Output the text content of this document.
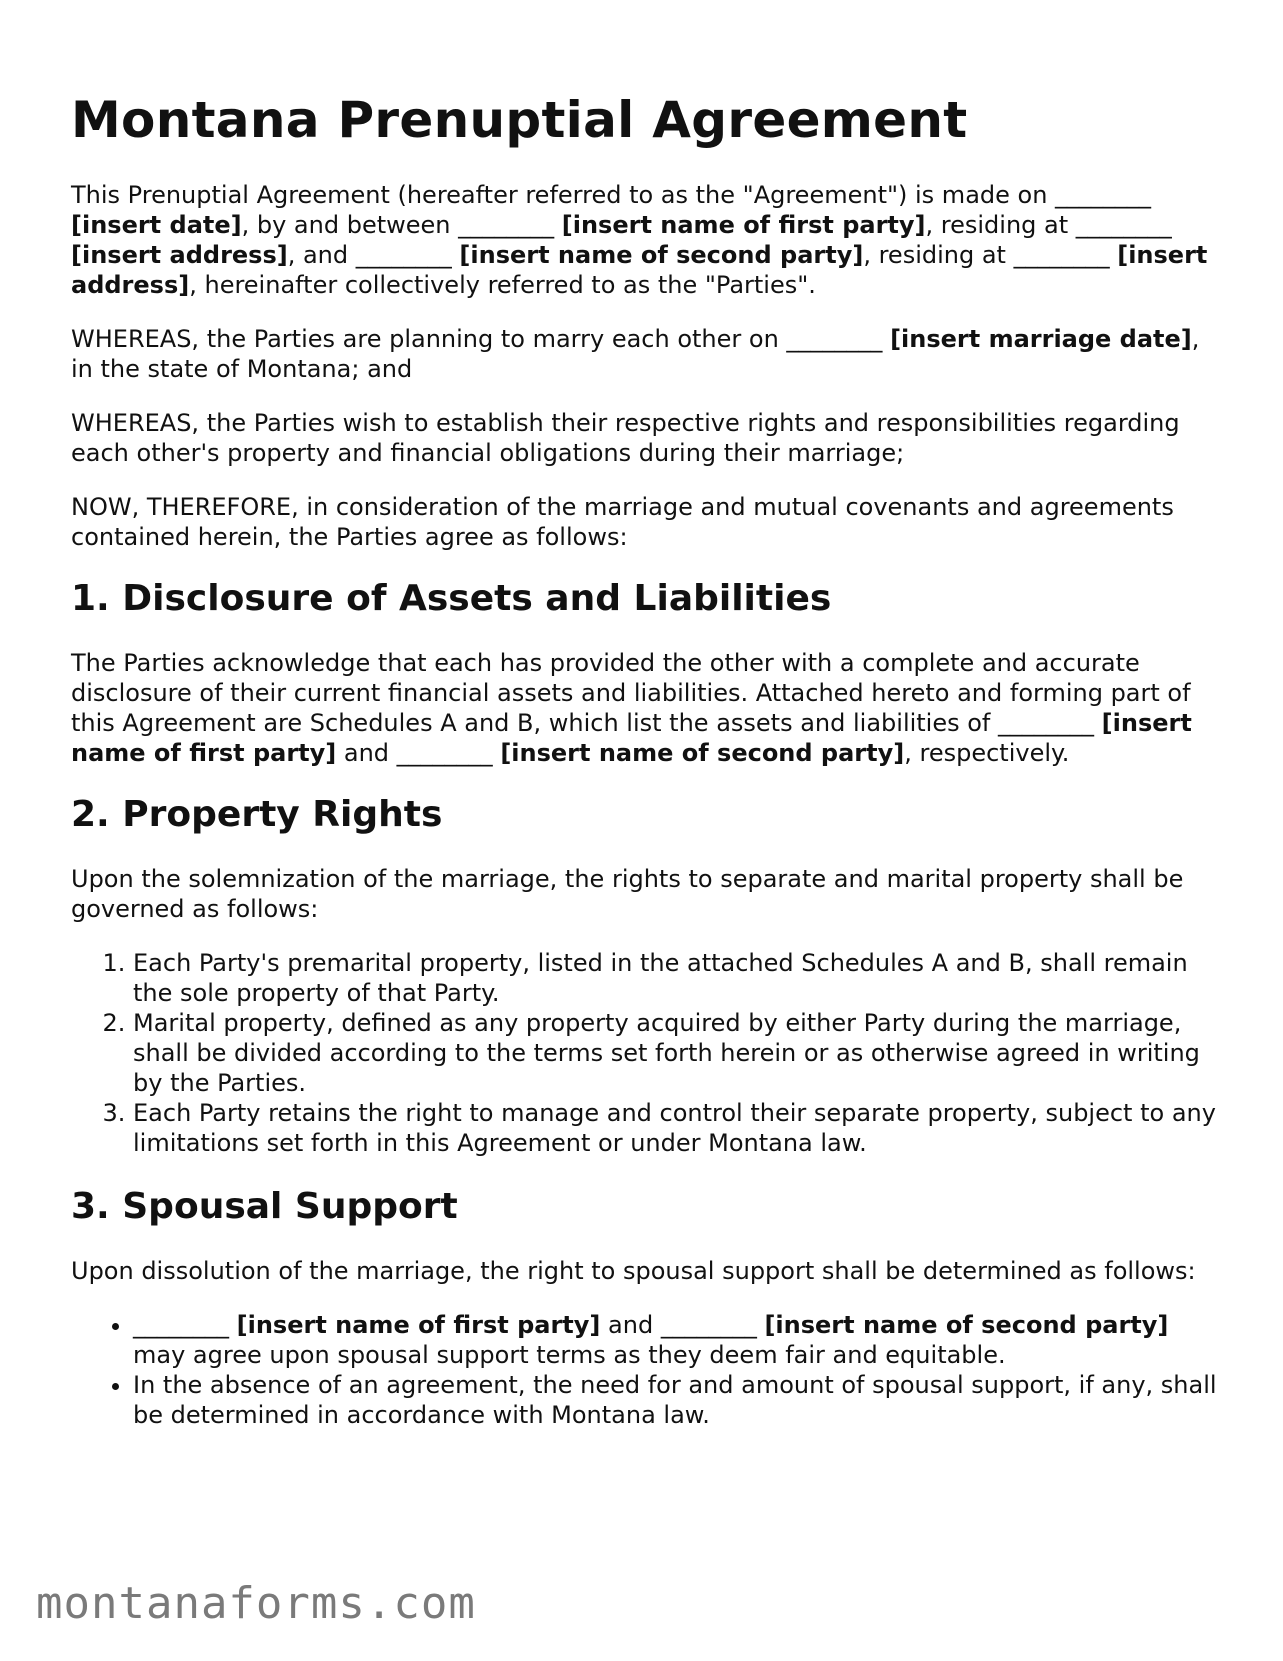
Montana Prenuptial Agreement

This Prenuptial Agreement (hereafter referred to as the "Agreement") is made on ________ [insert date], by and between ________ [insert name of first party], residing at ________ [insert address], and ________ [insert name of second party], residing at ________ [insert address], hereinafter collectively referred to as the "Parties".

WHEREAS, the Parties are planning to marry each other on ________ [insert marriage date], in the state of Montana; and

WHEREAS, the Parties wish to establish their respective rights and responsibilities regarding each other's property and financial obligations during their marriage;

NOW, THEREFORE, in consideration of the marriage and mutual covenants and agreements contained herein, the Parties agree as follows:

1. Disclosure of Assets and Liabilities

The Parties acknowledge that each has provided the other with a complete and accurate disclosure of their current financial assets and liabilities. Attached hereto and forming part of this Agreement are Schedules A and B, which list the assets and liabilities of ________ [insert name of first party] and ________ [insert name of second party], respectively.

2. Property Rights

Upon the solemnization of the marriage, the rights to separate and marital property shall be governed as follows:

1. Each Party's premarital property, listed in the attached Schedules A and B, shall remain the sole property of that Party.
2. Marital property, defined as any property acquired by either Party during the marriage, shall be divided according to the terms set forth herein or as otherwise agreed in writing by the Parties.
3. Each Party retains the right to manage and control their separate property, subject to any limitations set forth in this Agreement or under Montana law.
3. Spousal Support

Upon dissolution of the marriage, the right to spousal support shall be determined as follows:

• ________ [insert name of first party] and ________ [insert name of second party] may agree upon spousal support terms as they deem fair and equitable.
• In the absence of an agreement, the need for and amount of spousal support, if any, shall be determined in accordance with Montana law.
montanaforms.com
